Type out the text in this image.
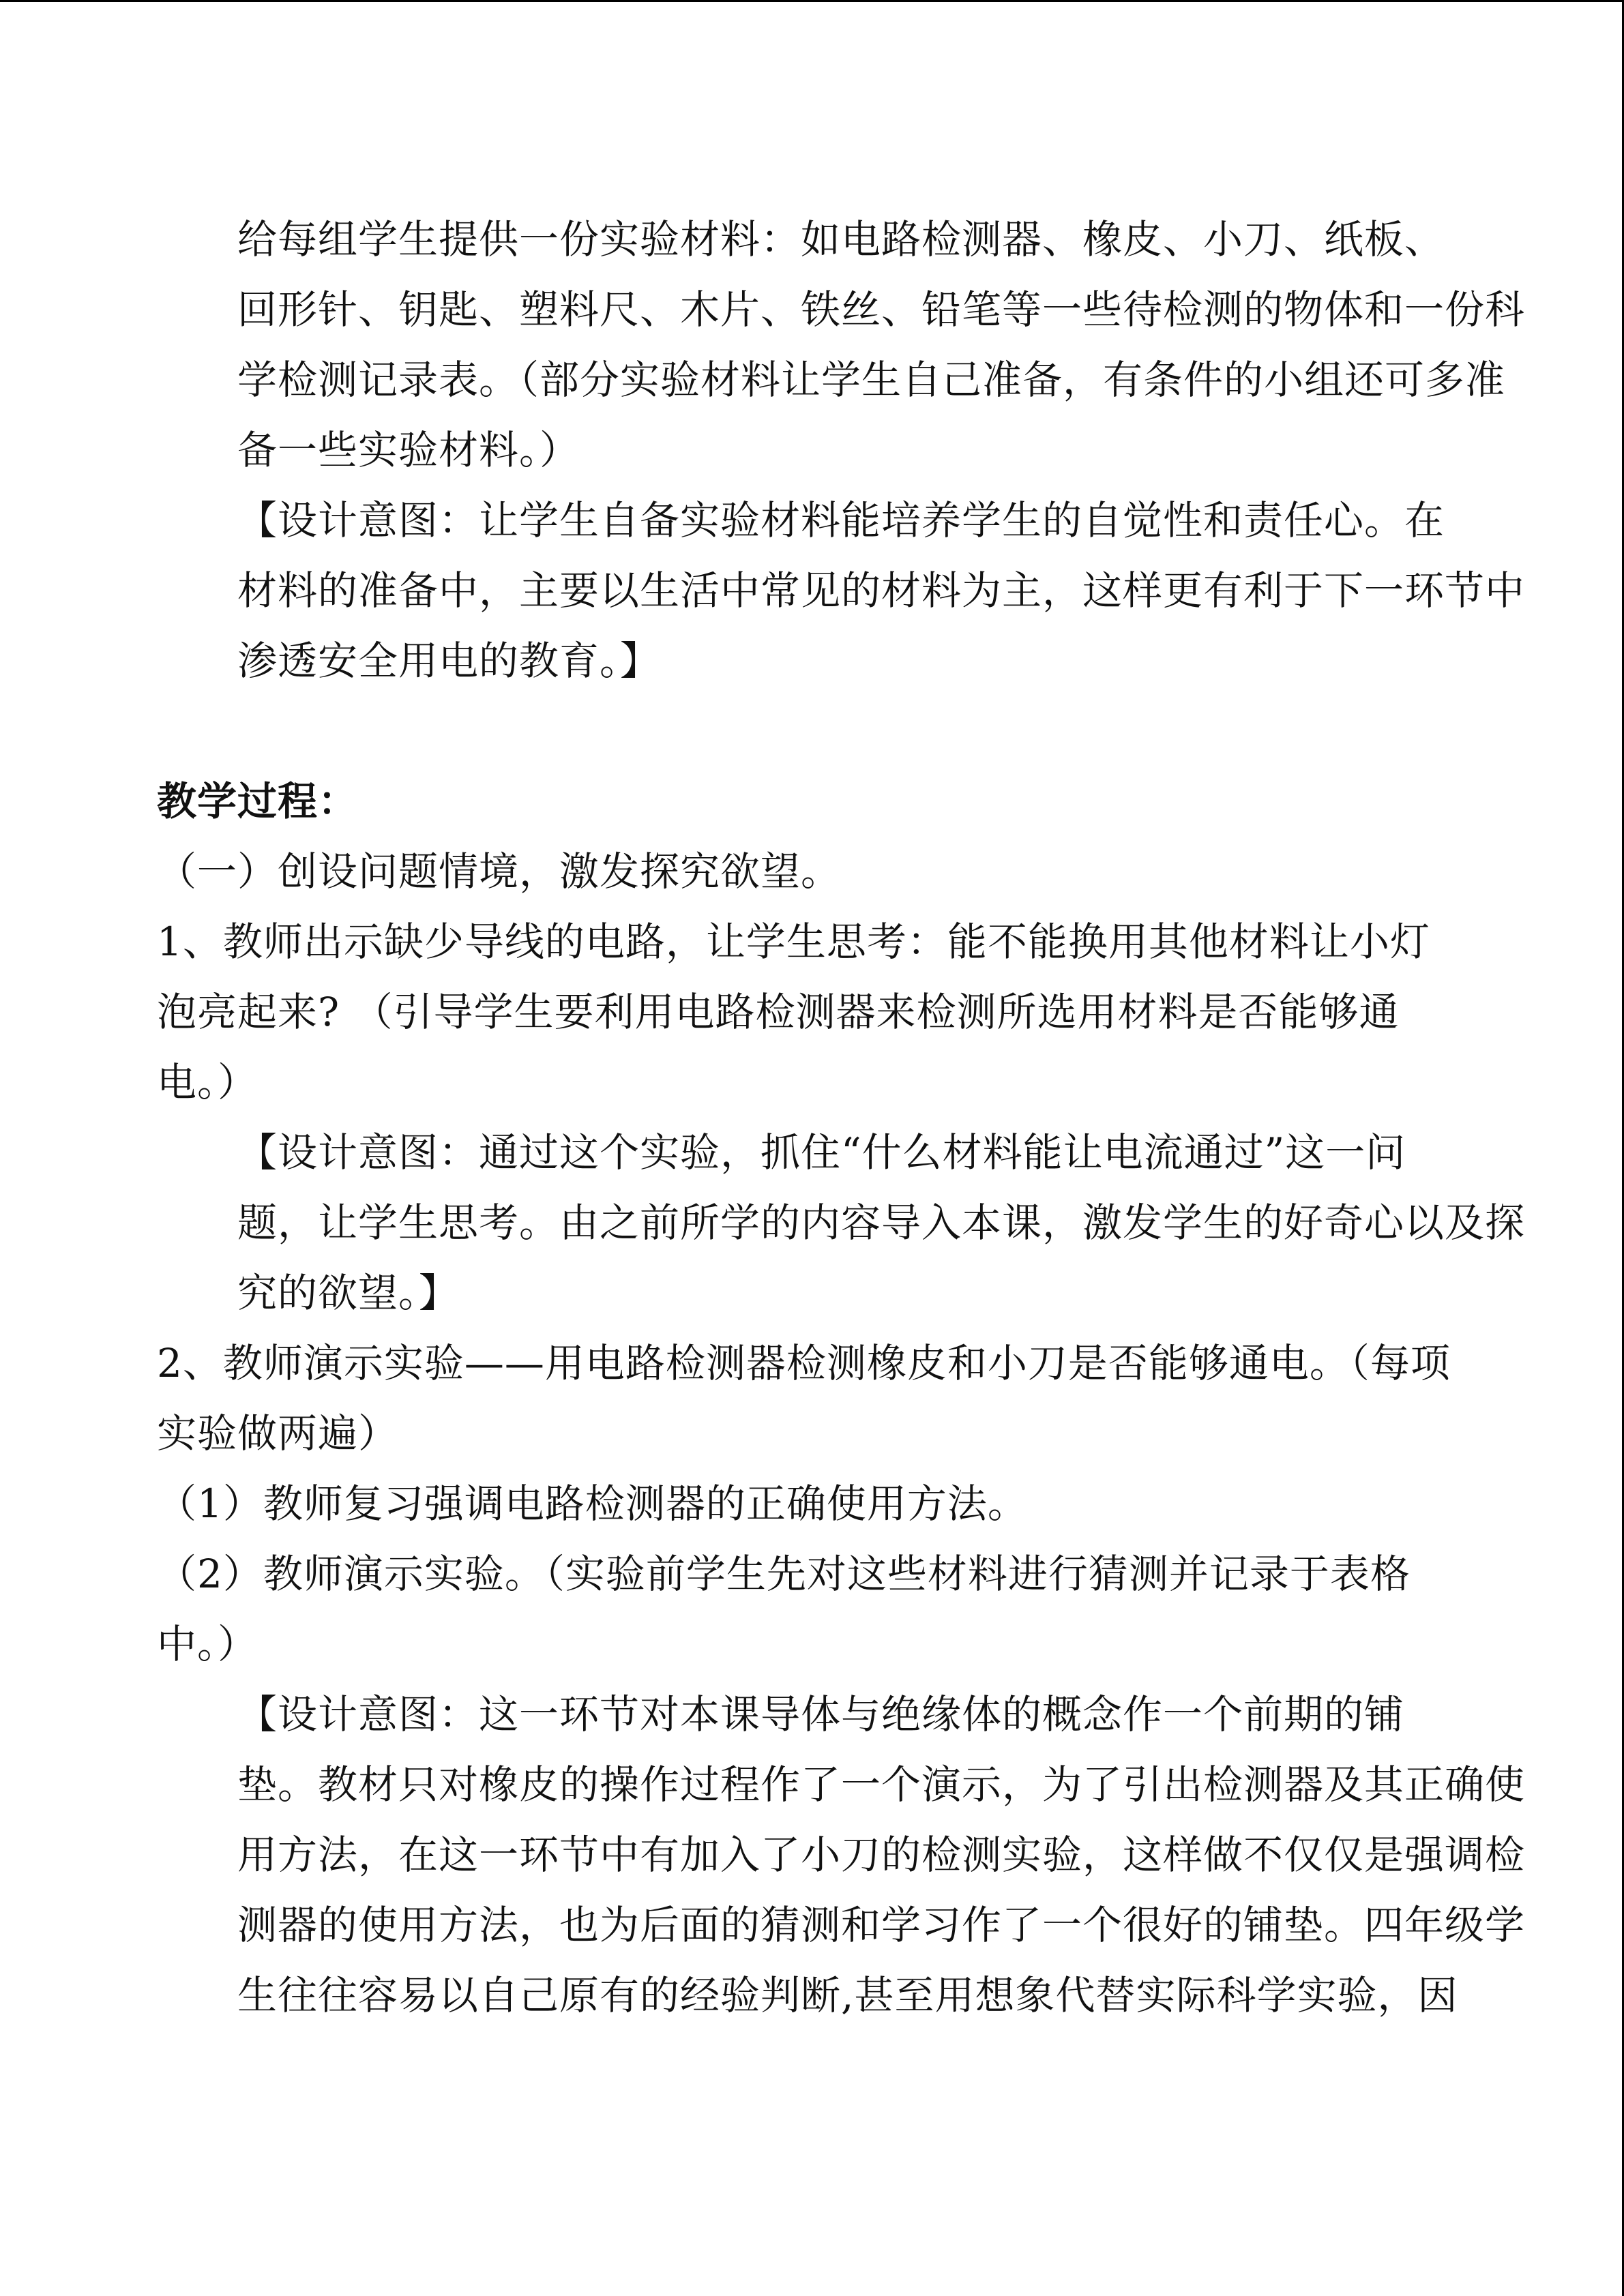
给每组学生提供一份实验材料：如电路检测器、橡皮、小刀、纸板、
回形针、钥匙、塑料尺、木片、铁丝、铅笔等一些待检测的物体和一份科
学检测记录表。（部分实验材料让学生自己准备，有条件的小组还可多准
备一些实验材料。）

【设计意图：让学生自备实验材料能培养学生的自觉性和责任心。在
材料的准备中，主要以生活中常见的材料为主，这样更有利于下一环节中
渗透安全用电的教育。】

教学过程：

（一）创设问题情境，激发探究欲望。

1、教师出示缺少导线的电路，让学生思考：能不能换用其他材料让小灯
泡亮起来? （引导学生要利用电路检测器来检测所选用材料是否能够通
电。）

【设计意图：通过这个实验，抓住“什么材料能让电流通过”这一问
题，让学生思考。由之前所学的内容导入本课，激发学生的好奇心以及探
究的欲望。】

2、教师演示实验——用电路检测器检测橡皮和小刀是否能够通电。（每项
实验做两遍）

（1）教师复习强调电路检测器的正确使用方法。

（2）教师演示实验。（实验前学生先对这些材料进行猜测并记录于表格
中。）

【设计意图：这一环节对本课导体与绝缘体的概念作一个前期的铺
垫。教材只对橡皮的操作过程作了一个演示，为了引出检测器及其正确使
用方法，在这一环节中有加入了小刀的检测实验，这样做不仅仅是强调检
测器的使用方法，也为后面的猜测和学习作了一个很好的铺垫。四年级学
生往往容易以自己原有的经验判断,甚至用想象代替实际科学实验，因
